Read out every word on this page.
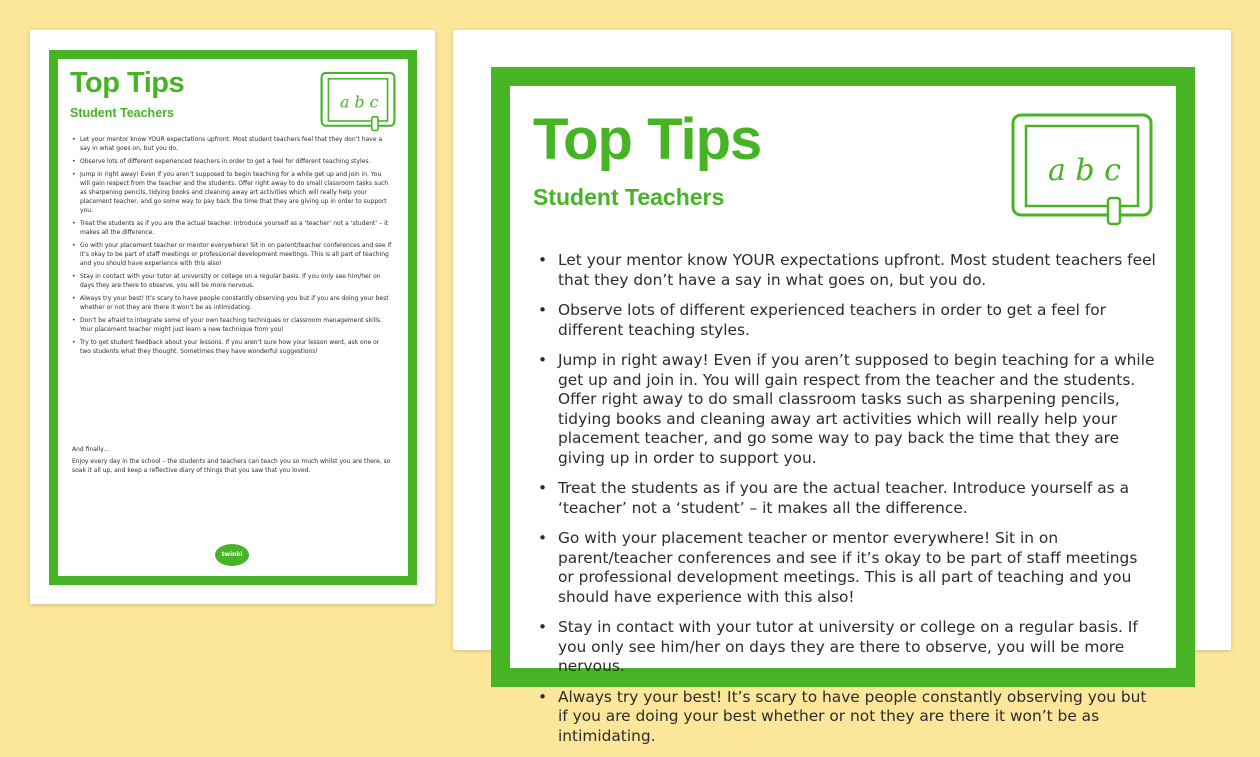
Top Tips
Student Teachers
a b c
• Let your mentor know YOUR expectations upfront. Most student teachers feel that they don’t have a say in what goes on, but you do.
• Observe lots of different experienced teachers in order to get a feel for different teaching styles.
• Jump in right away! Even if you aren’t supposed to begin teaching for a while get up and join in. You will gain respect from the teacher and the students. Offer right away to do small classroom tasks such as sharpening pencils, tidying books and cleaning away art activities which will really help your placement teacher, and go some way to pay back the time that they are giving up in order to support you.
• Treat the students as if you are the actual teacher. Introduce yourself as a ‘teacher’ not a ‘student’ – it makes all the difference.
• Go with your placement teacher or mentor everywhere! Sit in on parent/teacher conferences and see if it’s okay to be part of staff meetings or professional development meetings. This is all part of teaching and you should have experience with this also!
• Stay in contact with your tutor at university or college on a regular basis. If you only see him/her on days they are there to observe, you will be more nervous.
• Always try your best! It’s scary to have people constantly observing you but if you are doing your best whether or not they are there it won’t be as intimidating.
• Don’t be afraid to integrate some of your own teaching techniques or classroom management skills. Your placement teacher might just learn a new technique from you!
• Try to get student feedback about your lessons. If you aren’t sure how your lesson went, ask one or two students what they thought. Sometimes they have wonderful suggestions!

And finally…

Enjoy every day in the school – the students and teachers can teach you so much whilst you are there, so soak it all up, and keep a reflective diary of things that you saw that you loved.

twinkl
Top Tips
Student Teachers
a b c
• Let your mentor know YOUR expectations upfront. Most student teachers feel that they don’t have a say in what goes on, but you do.
• Observe lots of different experienced teachers in order to get a feel for different teaching styles.
• Jump in right away! Even if you aren’t supposed to begin teaching for a while get up and join in. You will gain respect from the teacher and the students. Offer right away to do small classroom tasks such as sharpening pencils, tidying books and cleaning away art activities which will really help your placement teacher, and go some way to pay back the time that they are giving up in order to support you.
• Treat the students as if you are the actual teacher. Introduce yourself as a ‘teacher’ not a ‘student’ – it makes all the difference.
• Go with your placement teacher or mentor everywhere! Sit in on parent/teacher conferences and see if it’s okay to be part of staff meetings or professional development meetings. This is all part of teaching and you should have experience with this also!
• Stay in contact with your tutor at university or college on a regular basis. If you only see him/her on days they are there to observe, you will be more nervous.
• Always try your best! It’s scary to have people constantly observing you but if you are doing your best whether or not they are there it won’t be as intimidating.
